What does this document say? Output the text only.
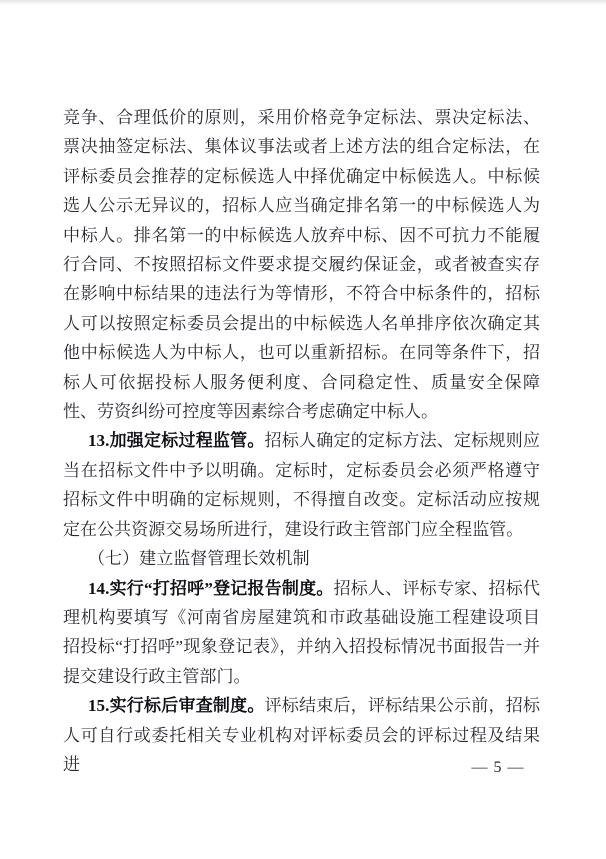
竞争、合理低价的原则，采用价格竞争定标法、票决定标法、票决抽签定标法、集体议事法或者上述方法的组合定标法，在评标委员会推荐的定标候选人中择优确定中标候选人。中标候选人公示无异议的，招标人应当确定排名第一的中标候选人为中标人。排名第一的中标候选人放弃中标、因不可抗力不能履行合同、不按照招标文件要求提交履约保证金，或者被查实存在影响中标结果的违法行为等情形，不符合中标条件的，招标人可以按照定标委员会提出的中标候选人名单排序依次确定其他中标候选人为中标人，也可以重新招标。在同等条件下，招标人可依据投标人服务便利度、合同稳定性、质量安全保障性、劳资纠纷可控度等因素综合考虑确定中标人。

13.加强定标过程监管。招标人确定的定标方法、定标规则应当在招标文件中予以明确。定标时，定标委员会必须严格遵守招标文件中明确的定标规则，不得擅自改变。定标活动应按规定在公共资源交易场所进行，建设行政主管部门应全程监管。

（七）建立监督管理长效机制

14.实行“打招呼”登记报告制度。招标人、评标专家、招标代理机构要填写《河南省房屋建筑和市政基础设施工程建设项目招投标“打招呼”现象登记表》，并纳入招投标情况书面报告一并提交建设行政主管部门。

15.实行标后审查制度。评标结束后，评标结果公示前，招标人可自行或委托相关专业机构对评标委员会的评标过程及结果进	— 5 —
